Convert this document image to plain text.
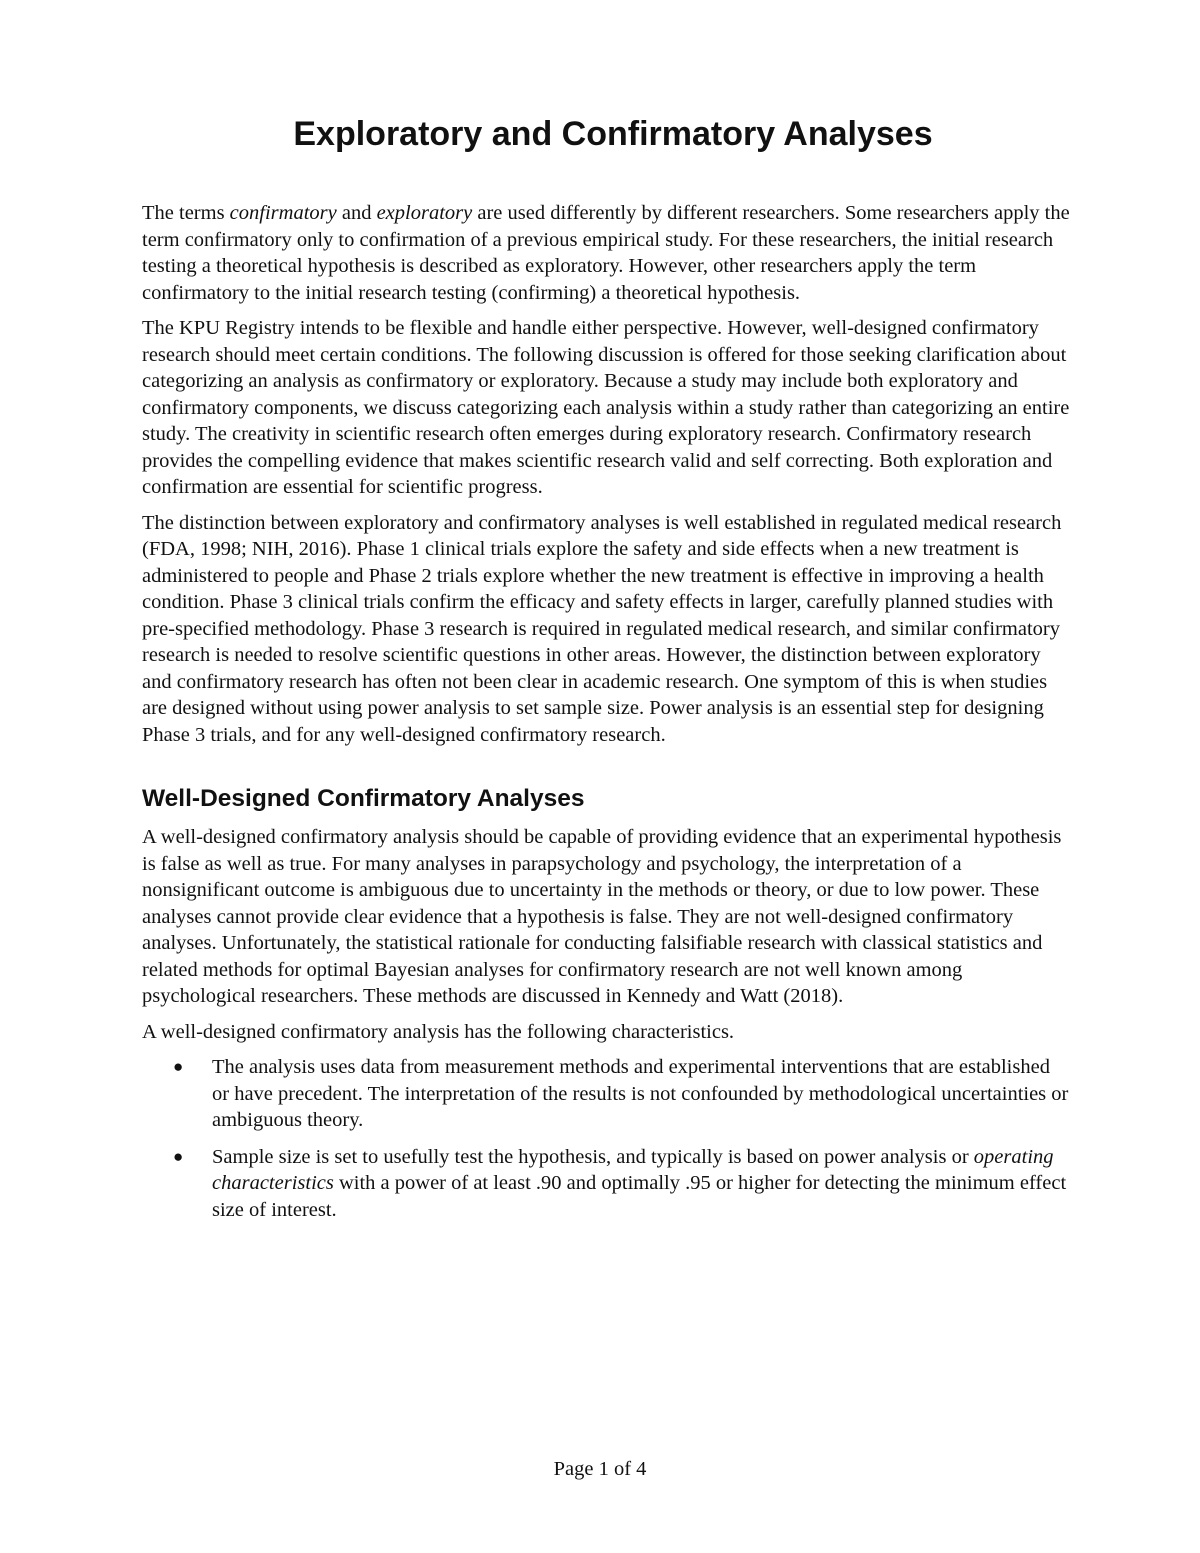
Exploratory and Confirmatory Analyses

The terms confirmatory and exploratory are used differently by different researchers. Some researchers apply the term confirmatory only to confirmation of a previous empirical study. For these researchers, the initial research testing a theoretical hypothesis is described as exploratory. However, other researchers apply the term confirmatory to the initial research testing (confirming) a theoretical hypothesis.

The KPU Registry intends to be flexible and handle either perspective. However, well-designed confirmatory research should meet certain conditions. The following discussion is offered for those seeking clarification about categorizing an analysis as confirmatory or exploratory. Because a study may include both exploratory and confirmatory components, we discuss categorizing each analysis within a study rather than categorizing an entire study. The creativity in scientific research often emerges during exploratory research. Confirmatory research provides the compelling evidence that makes scientific research valid and self correcting. Both exploration and confirmation are essential for scientific progress.

The distinction between exploratory and confirmatory analyses is well established in regulated medical research (FDA, 1998; NIH, 2016). Phase 1 clinical trials explore the safety and side effects when a new treatment is administered to people and Phase 2 trials explore whether the new treatment is effective in improving a health condition. Phase 3 clinical trials confirm the efficacy and safety effects in larger, carefully planned studies with pre-specified methodology. Phase 3 research is required in regulated medical research, and similar confirmatory research is needed to resolve scientific questions in other areas. However, the distinction between exploratory and confirmatory research has often not been clear in academic research. One symptom of this is when studies are designed without using power analysis to set sample size. Power analysis is an essential step for designing Phase 3 trials, and for any well-designed confirmatory research.

Well-Designed Confirmatory Analyses

A well-designed confirmatory analysis should be capable of providing evidence that an experimental hypothesis is false as well as true. For many analyses in parapsychology and psychology, the interpretation of a nonsignificant outcome is ambiguous due to uncertainty in the methods or theory, or due to low power. These analyses cannot provide clear evidence that a hypothesis is false. They are not well-designed confirmatory analyses. Unfortunately, the statistical rationale for conducting falsifiable research with classical statistics and related methods for optimal Bayesian analyses for confirmatory research are not well known among psychological researchers. These methods are discussed in Kennedy and Watt (2018).

A well-designed confirmatory analysis has the following characteristics.

● The analysis uses data from measurement methods and experimental interventions that are established or have precedent. The interpretation of the results is not confounded by methodological uncertainties or ambiguous theory.
● Sample size is set to usefully test the hypothesis, and typically is based on power analysis or operating characteristics with a power of at least .90 and optimally .95 or higher for detecting the minimum effect size of interest.
Page 1 of 4
